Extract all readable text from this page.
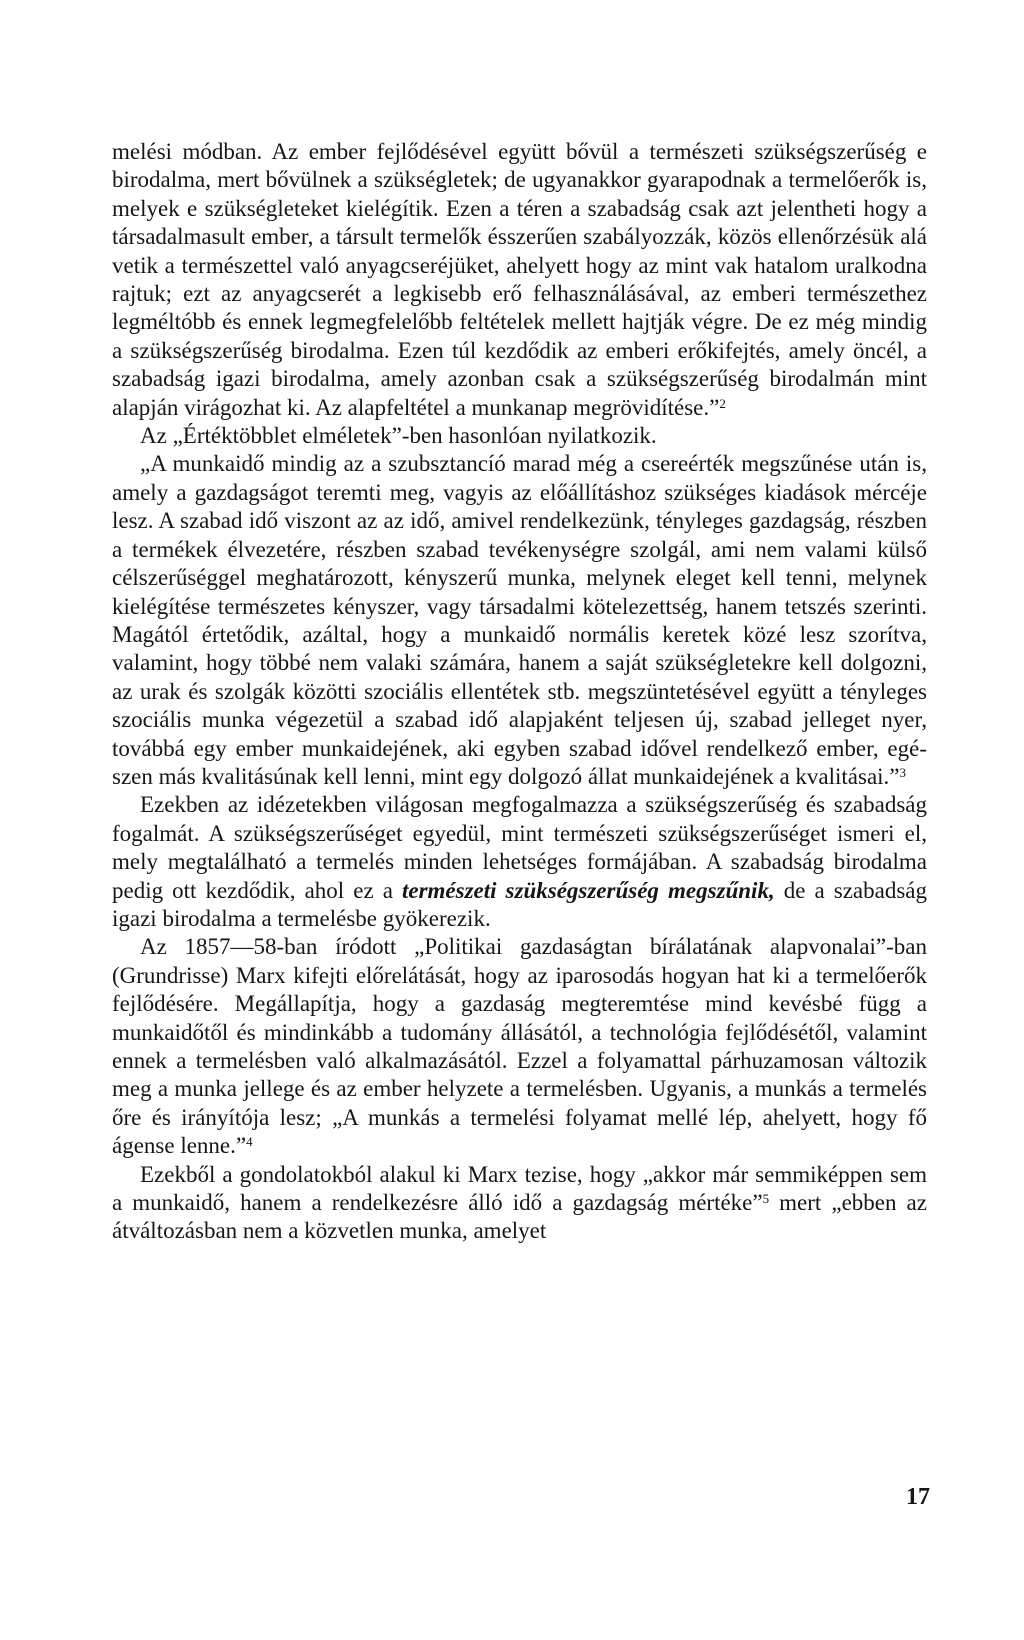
melési módban. Az ember fejlődésével együtt bővül a természeti szükségszerűség e birodalma, mert bővülnek a szükségletek; de ugyanakkor gyarapodnak a termelőerők is, melyek e szükségleteket kielégítik. Ezen a téren a szabadság csak azt jelentheti hogy a társadalmasult ember, a társult termelők ésszerűen szabályozzák, közös ellenőrzésük alá vetik a természettel való anyagcseréjüket, ahelyett hogy az mint vak hatalom uralkodna rajtuk; ezt az anyagcserét a legkisebb erő felhasználásával, az emberi természethez legméltóbb és ennek legmegfelelőbb feltételek mellett hajtják végre. De ez még mindig a szükségszerűség birodalma. Ezen túl kezdődik az emberi erőkifejtés, amely öncél, a szabadság igazi birodalma, amely azonban csak a szükségszerűség birodalmán mint alapján virágozhat ki. Az alapfeltétel a munkanap megrövidítése.”$^2$

Az „Értéktöbblet elméletek”-ben hasonlóan nyilatkozik.

„A munkaidő mindig az a szubsztancíó marad még a csereérték megszűnése után is, amely a gazdagságot teremti meg, vagyis az előállításhoz szükséges kiadások mércéje lesz. A szabad idő viszont az az idő, amivel rendelkezünk, tényleges gazdagság, részben a termékek élvezetére, részben szabad tevékenységre szolgál, ami nem valami külső célszerűséggel meghatározott, kényszerű munka, melynek eleget kell tenni, melynek kielégítése természetes kényszer, vagy társadalmi kötelezettség, hanem tetszés szerinti. Magától értetődik, azáltal, hogy a munkaidő normális keretek közé lesz szorítva, valamint, hogy többé nem valaki számára, hanem a saját szükségletekre kell dolgozni, az urak és szolgák közötti szociális ellentétek stb. megszüntetésével együtt a tényleges szociális munka végezetül a szabad idő alapjaként teljesen új, szabad jelleget nyer, továbbá egy ember munkaidejének, aki egyben szabad idővel rendelkező ember, egészen más kvalitásúnak kell lenni, mint egy dolgozó állat munkaidejének a kvalitásai.”$^3$

Ezekben az idézetekben világosan megfogalmazza a szükségszerűség és szabadság fogalmát. A szükségszerűséget egyedül, mint természeti szükségszerűséget ismeri el, mely megtalálható a termelés minden lehetséges formájában. A szabadság birodalma pedig ott kezdődik, ahol ez a természeti szükségszerűség megszűnik, de a szabadság igazi birodalma a termelésbe gyökerezik.

Az 1857—58-ban íródott „Politikai gazdaságtan bírálatának alapvonalai”-ban (Grundrisse) Marx kifejti előrelátását, hogy az iparosodás hogyan hat ki a termelőerők fejlődésére. Megállapítja, hogy a gazdaság megteremtése mind kevésbé függ a munkaidőtől és mindinkább a tudomány állásától, a technológia fejlődésétől, valamint ennek a termelésben való alkalmazásától. Ezzel a folyamattal párhuzamosan változik meg a munka jellege és az ember helyzete a termelésben. Ugyanis, a munkás a termelés őre és irányítója lesz; „A munkás a termelési folyamat mellé lép, ahelyett, hogy fő ágense lenne.”$^4$

Ezekből a gondolatokból alakul ki Marx tezise, hogy „akkor már semmiképpen sem a munkaidő, hanem a rendelkezésre álló idő a gazdagság mértéke”$^5$ mert „ebben az átváltozásban nem a közvetlen munka, amelyet

17
